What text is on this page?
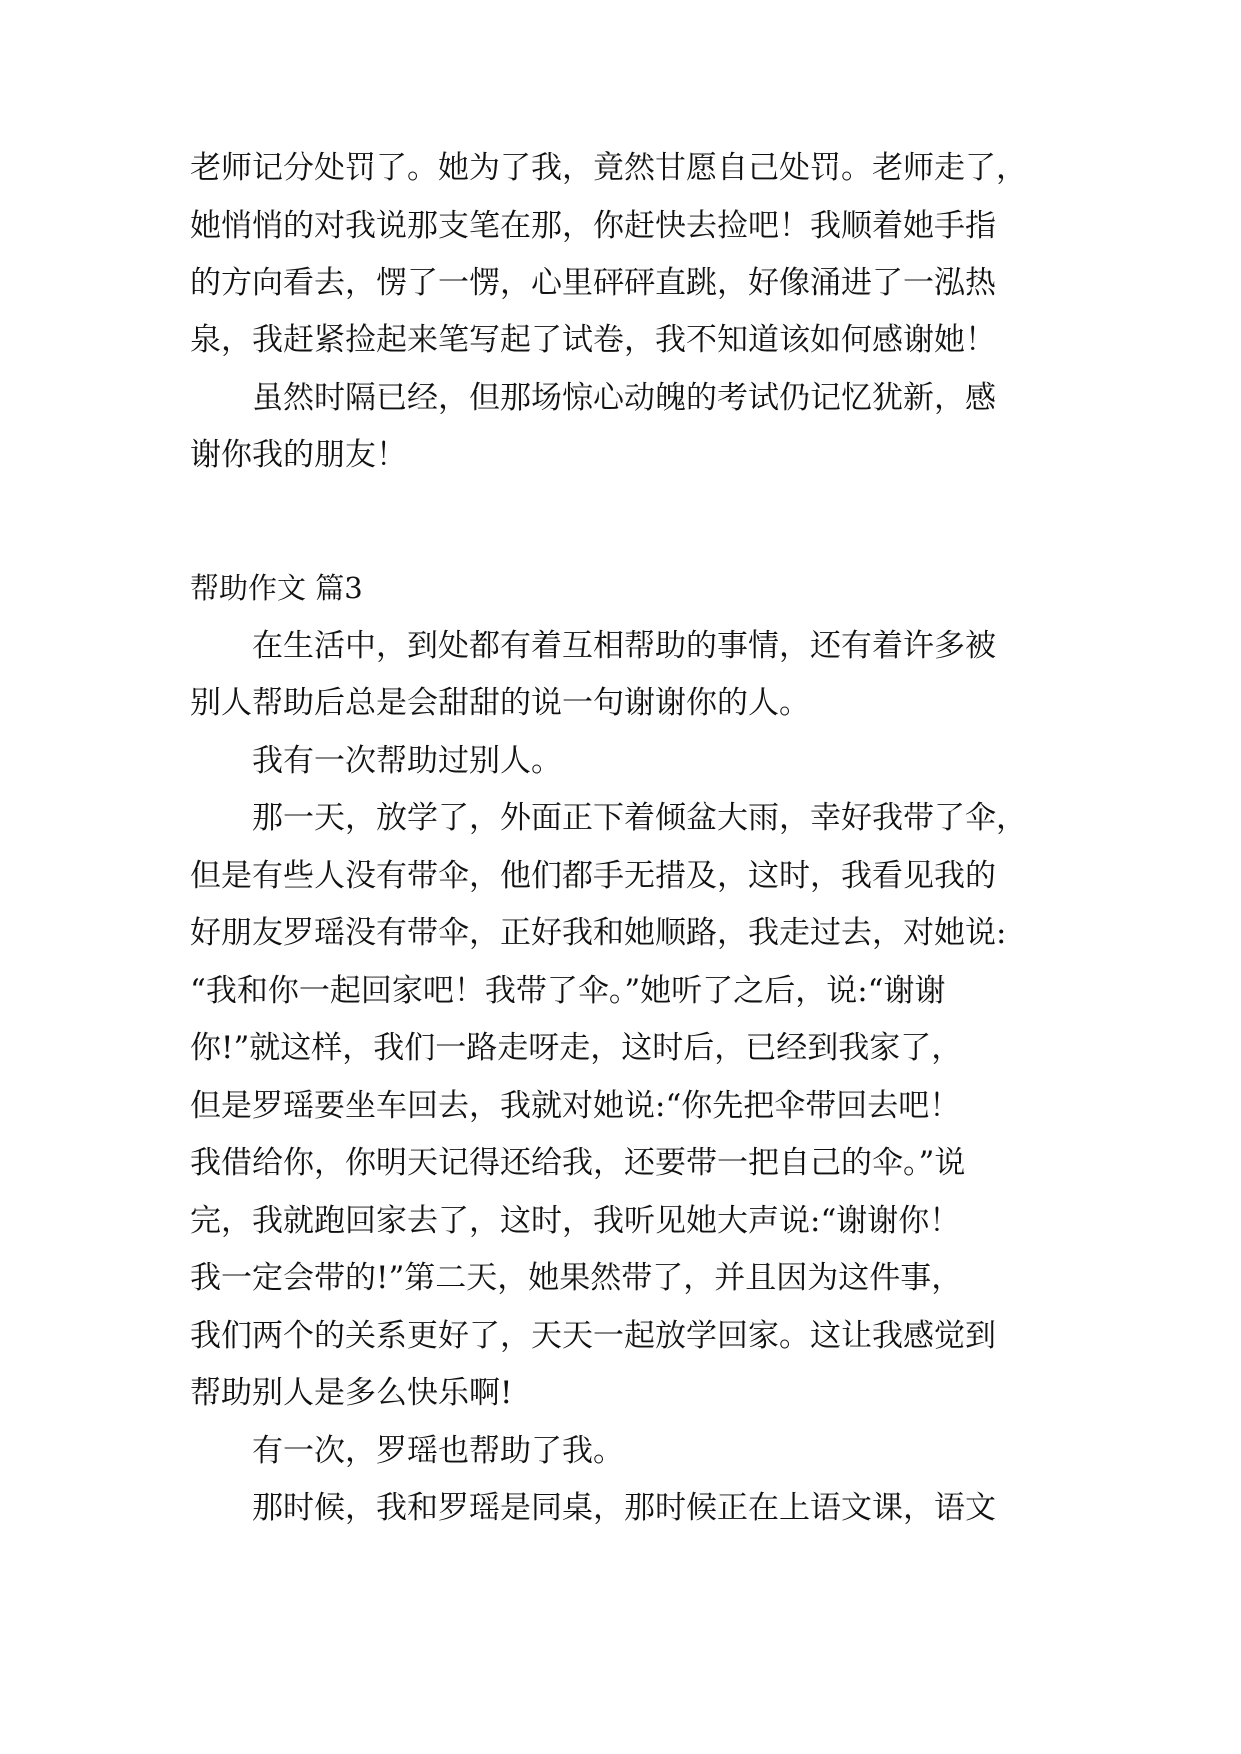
老师记分处罚了。她为了我，竟然甘愿自己处罚。老师走了，

她悄悄的对我说那支笔在那，你赶快去捡吧！我顺着她手指

的方向看去，愣了一愣，心里砰砰直跳，好像涌进了一泓热

泉，我赶紧捡起来笔写起了试卷，我不知道该如何感谢她！

虽然时隔已经，但那场惊心动魄的考试仍记忆犹新，感

谢你我的朋友！

帮助作文 篇3

在生活中，到处都有着互相帮助的事情，还有着许多被

别人帮助后总是会甜甜的说一句谢谢你的人。

我有一次帮助过别人。

那一天，放学了，外面正下着倾盆大雨，幸好我带了伞，

但是有些人没有带伞，他们都手无措及，这时，我看见我的

好朋友罗瑶没有带伞，正好我和她顺路，我走过去，对她说:

“我和你一起回家吧！我带了伞。”她听了之后，说:“谢谢

你!”就这样，我们一路走呀走，这时后，已经到我家了，

但是罗瑶要坐车回去，我就对她说:“你先把伞带回去吧！

我借给你，你明天记得还给我，还要带一把自己的伞。”说

完，我就跑回家去了，这时，我听见她大声说:“谢谢你！

我一定会带的!”第二天，她果然带了，并且因为这件事，

我们两个的关系更好了，天天一起放学回家。这让我感觉到

帮助别人是多么快乐啊!

有一次，罗瑶也帮助了我。

那时候，我和罗瑶是同桌，那时候正在上语文课，语文
